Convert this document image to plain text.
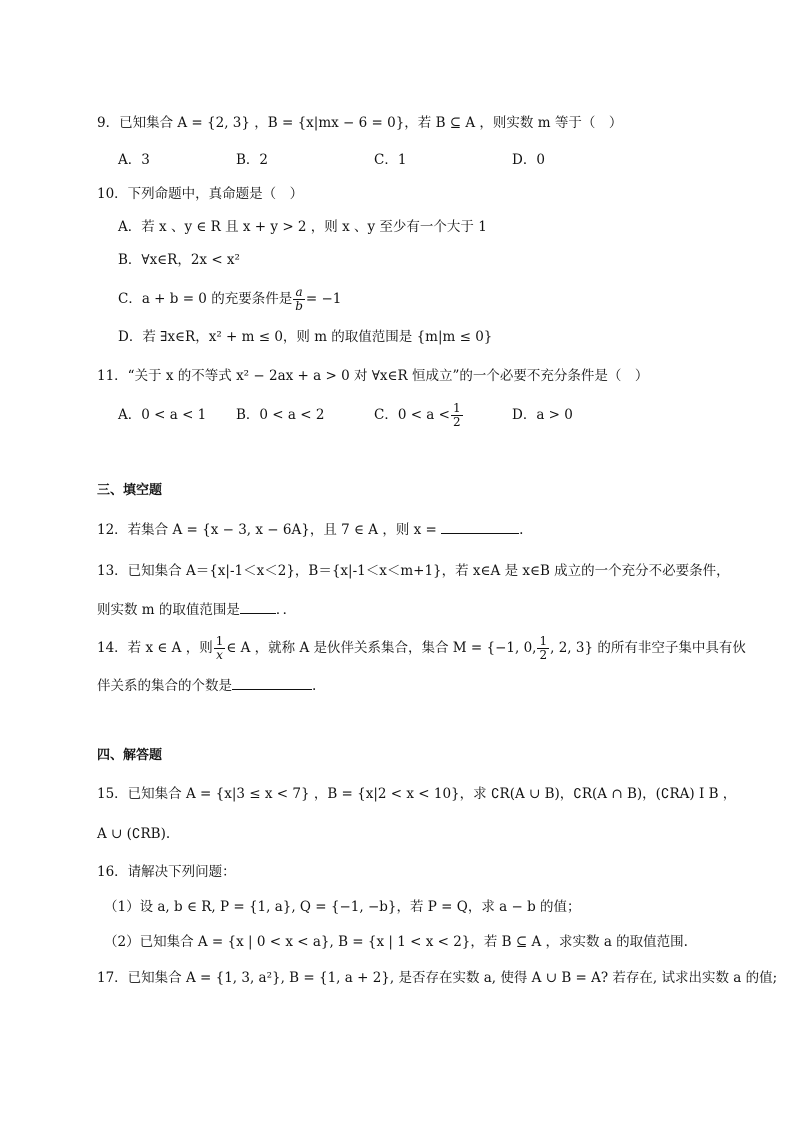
9．已知集合 A = {2, 3} ，B = {x|mx − 6 = 0}，若 B ⊆ A ，则实数 m 等于（　）
A．3	B．2	C．1	D．0
10．下列命题中，真命题是（　）
A．若 x 、y ∈ R 且 x + y > 2 ，则 x 、y 至少有一个大于 1
B．∀x∈R，2x < x²
C．a + b = 0 的充要条件是 $\frac{a}{b} = -1$
D．若 ∃x∈R，x² + m ≤ 0，则 m 的取值范围是 {m|m ≤ 0}
11．“关于 x 的不等式 x² − 2ax + a > 0 对 ∀x∈R 恒成立”的一个必要不充分条件是（　）
A．0 < a < 1 B．0 < a < 2	C．$0 < a < \frac{1}{2}$	D．a > 0
三、填空题
12．若集合 A = {x − 3, x − 6A}，且 7 ∈ A ，则 x =	.
13．已知集合 A＝{x|-1＜x＜2}，B＝{x|-1＜x＜m+1}，若 x∈A 是 x∈B 成立的一个充分不必要条件，
则实数 m 的取值范围是	．．
14．若 x ∈ A ，则 $\frac{1}{x}$ ∈ A ，就称 A 是伙伴关系集合，集合 M = {−1, 0, $\frac{1}{2}$ , 2, 3} 的所有非空子集中具有伙
伴关系的集合的个数是	.
四、解答题
15．已知集合 A = {x|3 ≤ x < 7} ，B = {x|2 < x < 10}，求 ∁R(A ∪ B)，∁R(A ∩ B)，(∁RA) I B ，
A ∪ (∁RB).
16．请解决下列问题：
（1）设 a, b ∈ R, P = {1, a}, Q = {−1, −b}，若 P = Q，求 a − b 的值；
（2）已知集合 A = {x | 0 < x < a}, B = {x | 1 < x < 2}，若 B ⊆ A ，求实数 a 的取值范围.
17．已知集合 A = {1, 3, a²}, B = {1, a + 2}, 是否存在实数 a, 使得 A ∪ B = A? 若存在, 试求出实数 a 的值;
